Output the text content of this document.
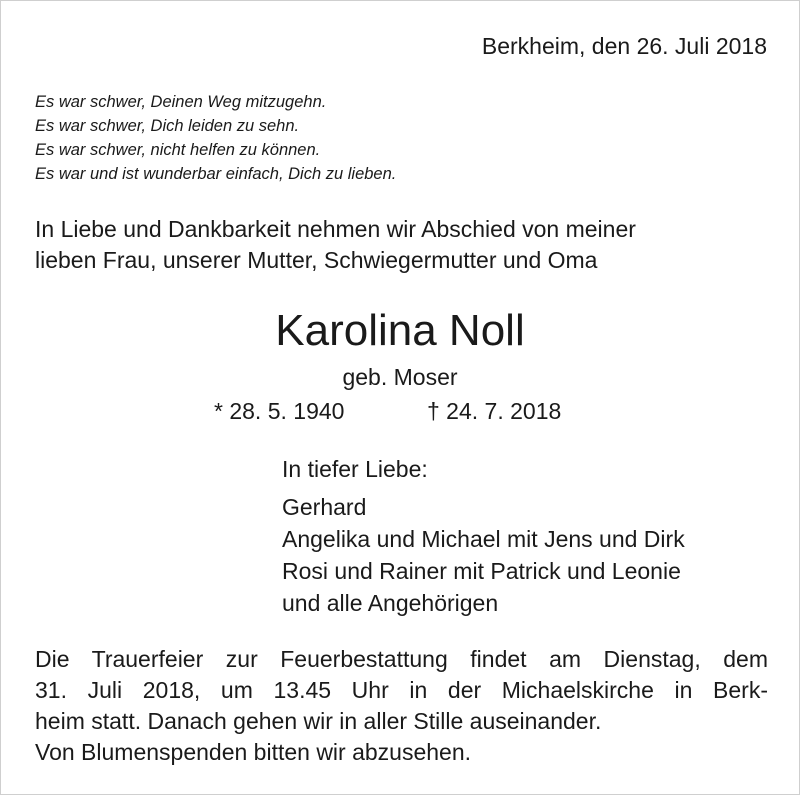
Berkheim, den 26. Juli 2018
Es war schwer, Deinen Weg mitzugehn.
Es war schwer, Dich leiden zu sehn.
Es war schwer, nicht helfen zu können.
Es war und ist wunderbar einfach, Dich zu lieben.
In Liebe und Dankbarkeit nehmen wir Abschied von meiner
lieben Frau, unserer Mutter, Schwiegermutter und Oma
Karolina Noll
geb. Moser
* 28. 5. 1940	† 24. 7. 2018
In tiefer Liebe:
Gerhard
Angelika und Michael mit Jens und Dirk
Rosi und Rainer mit Patrick und Leonie
und alle Angehörigen
Die Trauerfeier zur Feuerbestattung findet am Dienstag, dem
31. Juli 2018, um 13.45 Uhr in der Michaelskirche in Berk-
heim statt. Danach gehen wir in aller Stille auseinander.
Von Blumenspenden bitten wir abzusehen.
